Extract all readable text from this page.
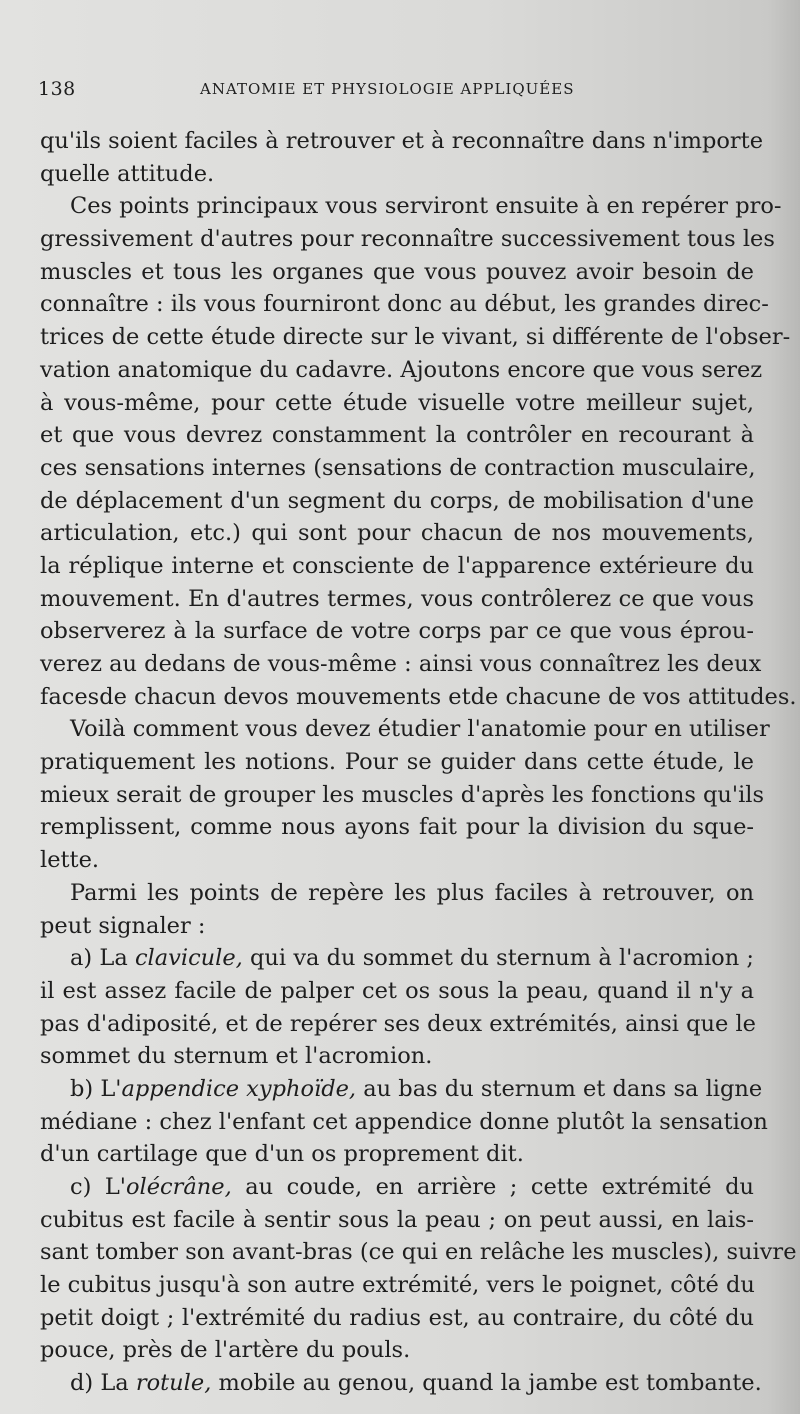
138	ANATOMIE ET PHYSIOLOGIE APPLIQUÉES
qu'ils soient faciles à retrouver et à reconnaître dans n'importe
quelle attitude.
Ces points principaux vous serviront ensuite à en repérer pro-
gressivement d'autres pour reconnaître successivement tous les
muscles et tous les organes que vous pouvez avoir besoin de
connaître : ils vous fourniront donc au début, les grandes direc-
trices de cette étude directe sur le vivant, si différente de l'obser-
vation anatomique du cadavre. Ajoutons encore que vous serez
à vous-même, pour cette étude visuelle votre meilleur sujet,
et que vous devrez constamment la contrôler en recourant à
ces sensations internes (sensations de contraction musculaire,
de déplacement d'un segment du corps, de mobilisation d'une
articulation, etc.) qui sont pour chacun de nos mouvements,
la réplique interne et consciente de l'apparence extérieure du
mouvement. En d'autres termes, vous contrôlerez ce que vous
observerez à la surface de votre corps par ce que vous éprou-
verez au dedans de vous-même : ainsi vous connaîtrez les deux
facesde chacun devos mouvements etde chacune de vos attitudes.
Voilà comment vous devez étudier l'anatomie pour en utiliser
pratiquement les notions. Pour se guider dans cette étude, le
mieux serait de grouper les muscles d'après les fonctions qu'ils
remplissent, comme nous ayons fait pour la division du sque-
lette.
Parmi les points de repère les plus faciles à retrouver, on
peut signaler :
a) La clavicule, qui va du sommet du sternum à l'acromion ;
il est assez facile de palper cet os sous la peau, quand il n'y a
pas d'adiposité, et de repérer ses deux extrémités, ainsi que le
sommet du sternum et l'acromion.
b) L'appendice xyphoïde, au bas du sternum et dans sa ligne
médiane : chez l'enfant cet appendice donne plutôt la sensation
d'un cartilage que d'un os proprement dit.
c) L'olécrâne, au coude, en arrière ; cette extrémité du
cubitus est facile à sentir sous la peau ; on peut aussi, en lais-
sant tomber son avant-bras (ce qui en relâche les muscles), suivre
le cubitus jusqu'à son autre extrémité, vers le poignet, côté du
petit doigt ; l'extrémité du radius est, au contraire, du côté du
pouce, près de l'artère du pouls.
d) La rotule, mobile au genou, quand la jambe est tombante.
